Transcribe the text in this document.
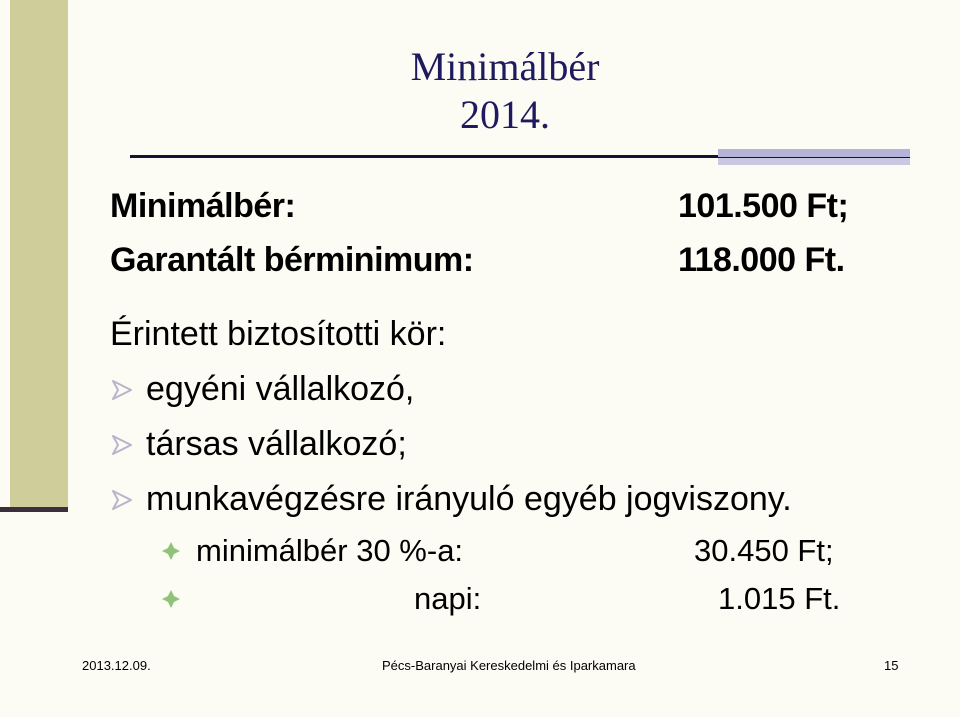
Minimálbér
2014.
Minimálbér:	101.500 Ft;
Garantált bérminimum:	118.000 Ft.
Érintett biztosítotti kör:
egyéni vállalkozó,
társas vállalkozó;
munkavégzésre irányuló egyéb jogviszony.
minimálbér 30 %-a:	30.450 Ft;
napi:	1.015 Ft.
2013.12.09.	Pécs-Baranyai Kereskedelmi és Iparkamara	15
